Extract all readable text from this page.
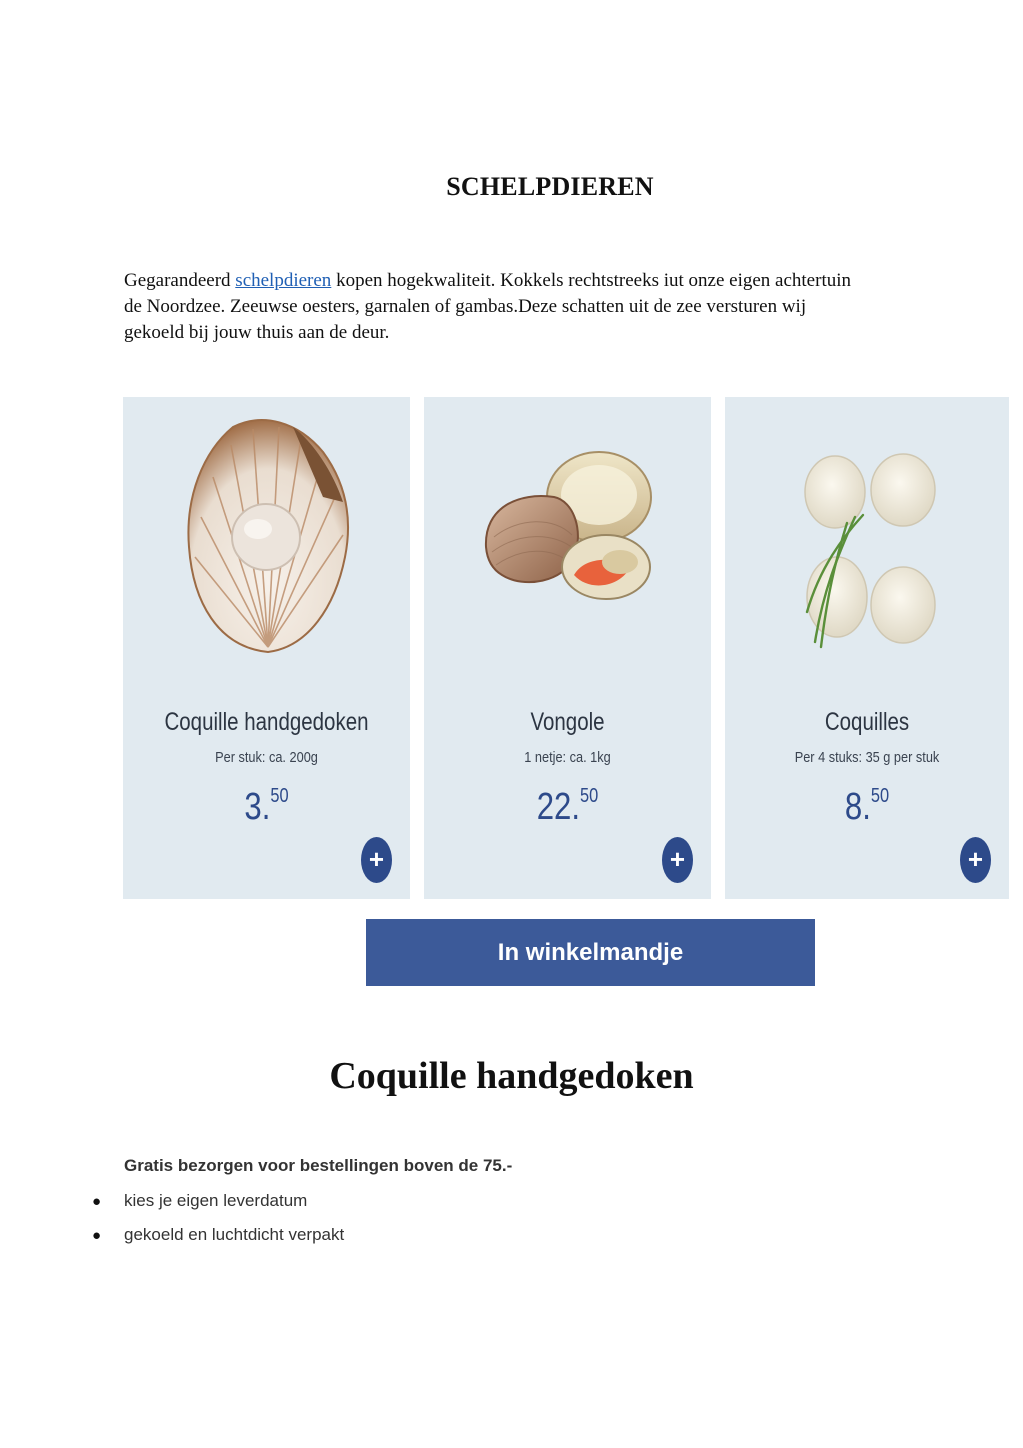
SCHELPDIEREN

Gegarandeerd schelpdieren kopen hogekwaliteit. Kokkels rechtstreeks iut onze eigen achtertuin de Noordzee. Zeeuwse oesters, garnalen of gambas.Deze schatten uit de zee versturen wij gekoeld bij jouw thuis aan de deur.

Coquille handgedoken
Per stuk: ca. 200g
3.50
+
Vongole
1 netje: ca. 1kg
22.50
+
Coquilles
Per 4 stuks: 35 g per stuk
8.50
+
In winkelmandje
Coquille handgedoken

Gratis bezorgen voor bestellingen boven de 75.-

● kies je eigen leverdatum
● gekoeld en luchtdicht verpakt
